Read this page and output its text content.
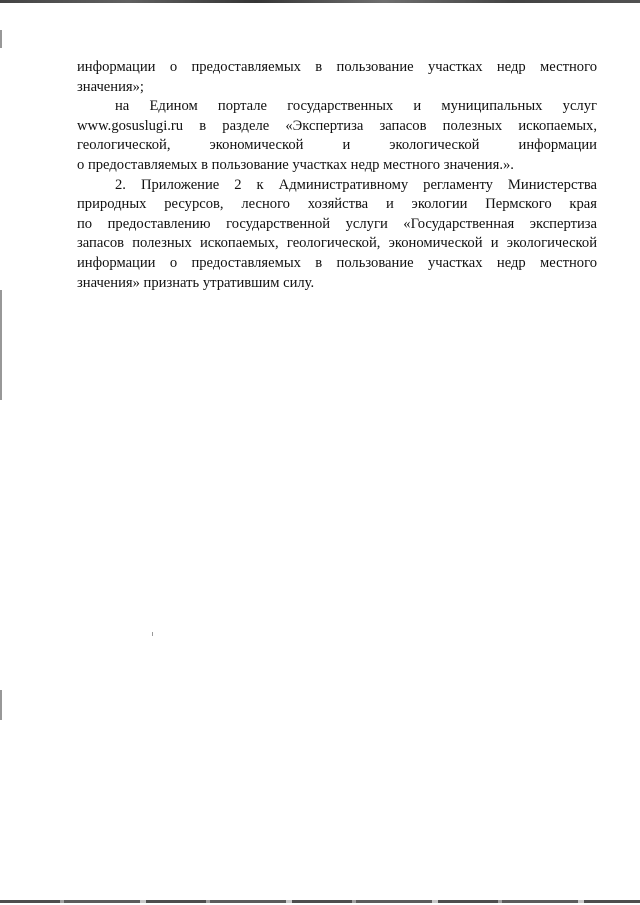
информации о предоставляемых в пользование участках недр местного
значения»;
на Едином портале государственных и муниципальных услуг
www.gosuslugi.ru в разделе «Экспертиза запасов полезных ископаемых,
геологической, экономической и экологической информации
о предоставляемых в пользование участках недр местного значения.».
2. Приложение 2 к Административному регламенту Министерства
природных ресурсов, лесного хозяйства и экологии Пермского края
по предоставлению государственной услуги «Государственная экспертиза
запасов полезных ископаемых, геологической, экономической и экологической
информации о предоставляемых в пользование участках недр местного
значения» признать утратившим силу.
